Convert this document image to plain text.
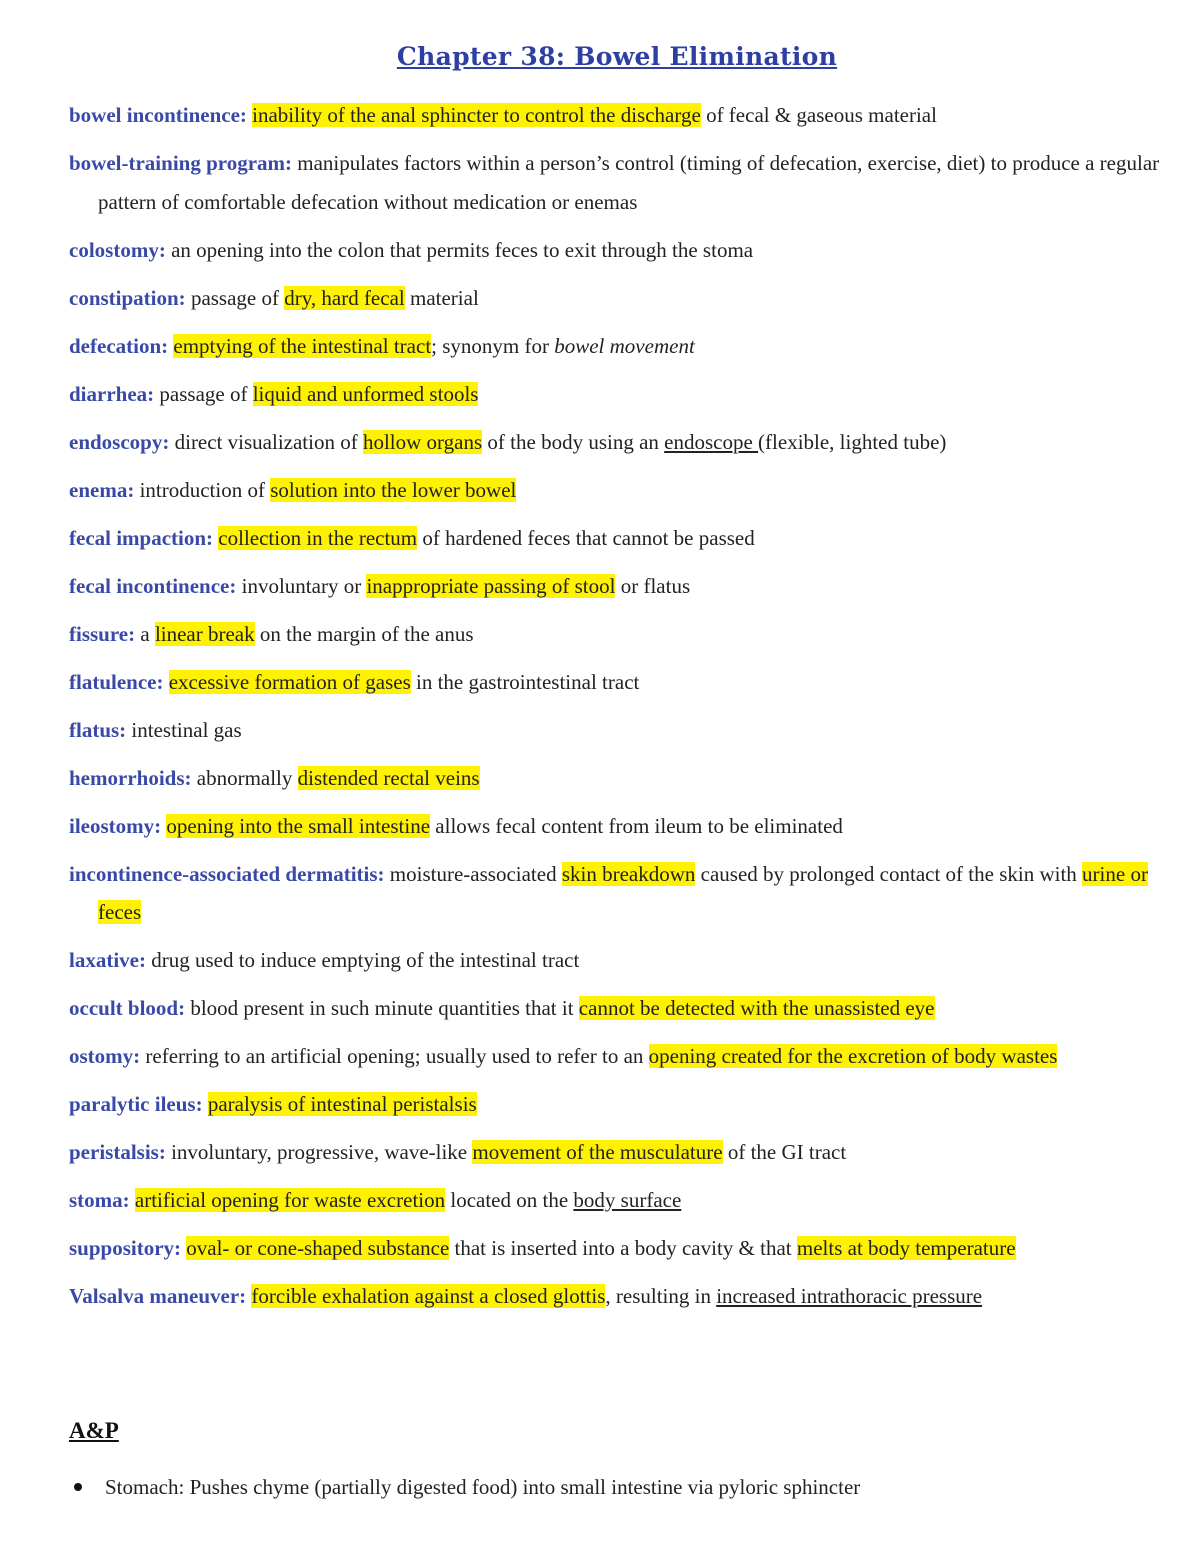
Chapter 38: Bowel Elimination
bowel incontinence: inability of the anal sphincter to control the discharge of fecal & gaseous material
bowel-training program: manipulates factors within a person’s control (timing of defecation, exercise, diet) to produce a regular pattern of comfortable defecation without medication or enemas
colostomy: an opening into the colon that permits feces to exit through the stoma
constipation: passage of dry, hard fecal material
defecation: emptying of the intestinal tract; synonym for bowel movement
diarrhea: passage of liquid and unformed stools
endoscopy: direct visualization of hollow organs of the body using an endoscope (flexible, lighted tube)
enema: introduction of solution into the lower bowel
fecal impaction: collection in the rectum of hardened feces that cannot be passed
fecal incontinence: involuntary or inappropriate passing of stool or flatus
fissure: a linear break on the margin of the anus
flatulence: excessive formation of gases in the gastrointestinal tract
flatus: intestinal gas
hemorrhoids: abnormally distended rectal veins
ileostomy: opening into the small intestine allows fecal content from ileum to be eliminated
incontinence-associated dermatitis: moisture-associated skin breakdown caused by prolonged contact of the skin with urine or feces
laxative: drug used to induce emptying of the intestinal tract
occult blood: blood present in such minute quantities that it cannot be detected with the unassisted eye
ostomy: referring to an artificial opening; usually used to refer to an opening created for the excretion of body wastes
paralytic ileus: paralysis of intestinal peristalsis
peristalsis: involuntary, progressive, wave-like movement of the musculature of the GI tract
stoma: artificial opening for waste excretion located on the body surface
suppository: oval- or cone-shaped substance that is inserted into a body cavity & that melts at body temperature
Valsalva maneuver: forcible exhalation against a closed glottis, resulting in increased intrathoracic pressure
A&P
Stomach: Pushes chyme (partially digested food) into small intestine via pyloric sphincter
